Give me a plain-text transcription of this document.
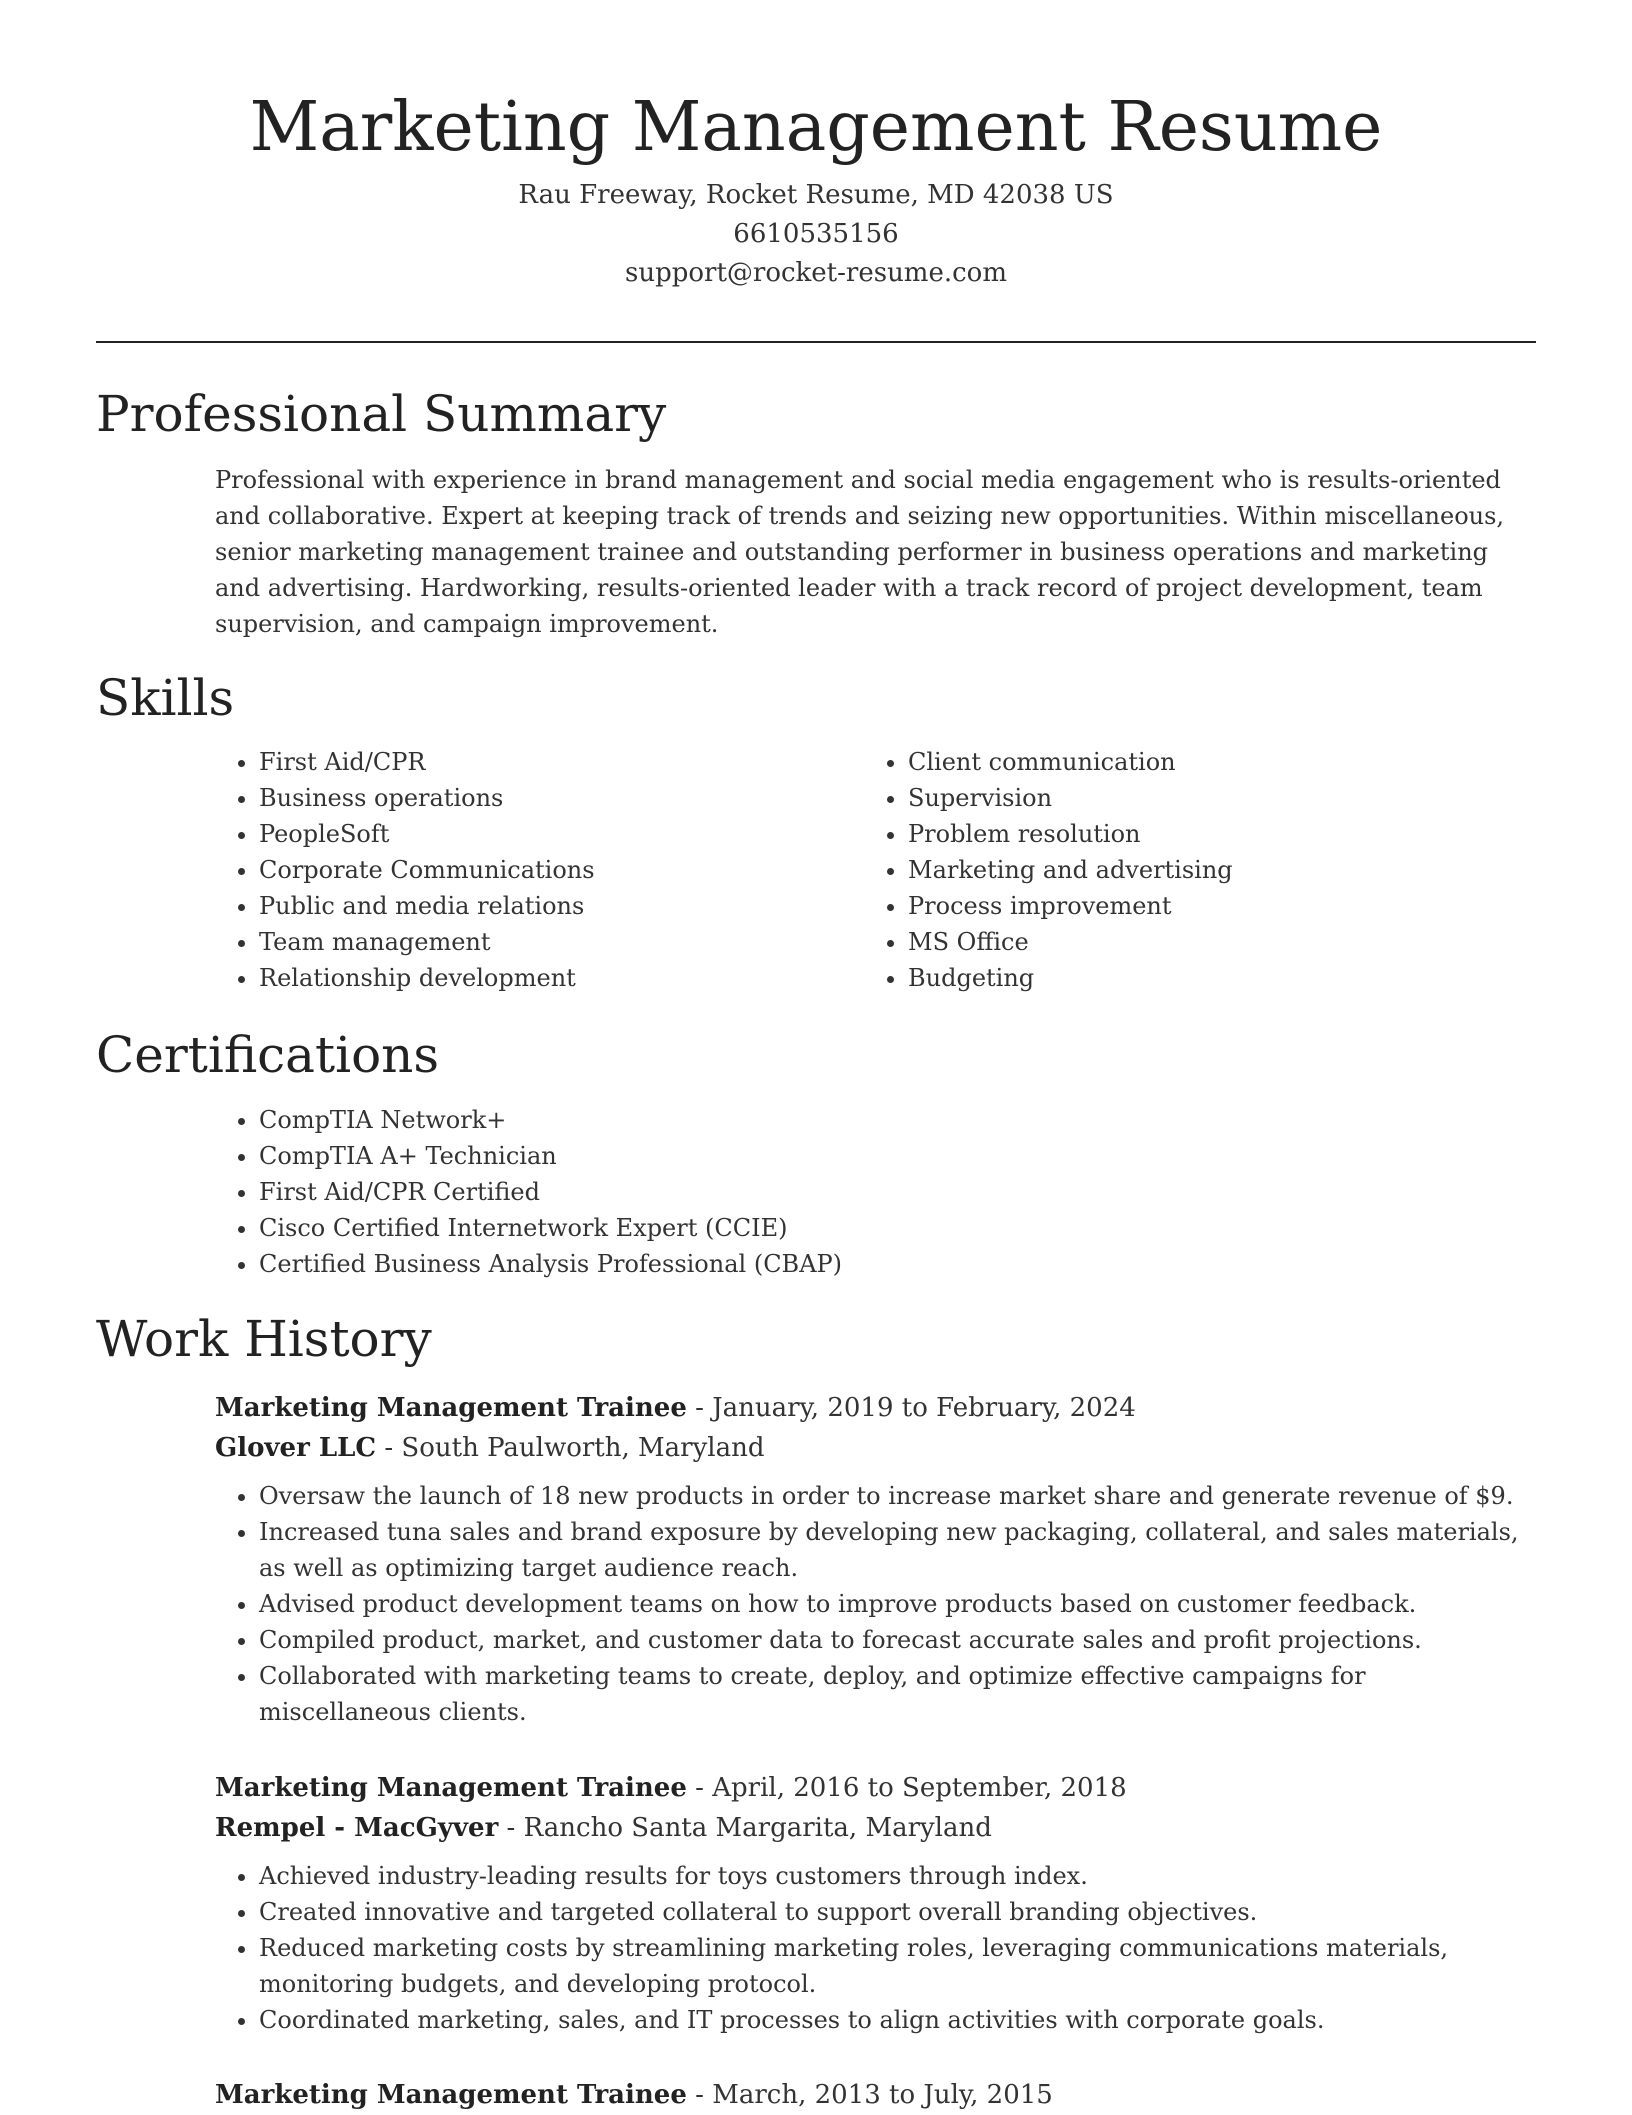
Marketing Management Resume
Rau Freeway, Rocket Resume, MD 42038 US
6610535156
support@rocket-resume.com
Professional Summary

Professional with experience in brand management and social media engagement who is results-oriented and collaborative. Expert at keeping track of trends and seizing new opportunities. Within miscellaneous, senior marketing management trainee and outstanding performer in business operations and marketing and advertising. Hardworking, results-oriented leader with a track record of project development, team supervision, and campaign improvement.

Skills
• First Aid/CPR
• Business operations
• PeopleSoft
• Corporate Communications
• Public and media relations
• Team management
• Relationship development
• Client communication
• Supervision
• Problem resolution
• Marketing and advertising
• Process improvement
• MS Office
• Budgeting
Certifications
• CompTIA Network+
• CompTIA A+ Technician
• First Aid/CPR Certified
• Cisco Certified Internetwork Expert (CCIE)
• Certified Business Analysis Professional (CBAP)
Work History
Marketing Management Trainee - January, 2019 to February, 2024
Glover LLC - South Paulworth, Maryland
• Oversaw the launch of 18 new products in order to increase market share and generate revenue of $9.
• Increased tuna sales and brand exposure by developing new packaging, collateral, and sales materials, as well as optimizing target audience reach.
• Advised product development teams on how to improve products based on customer feedback.
• Compiled product, market, and customer data to forecast accurate sales and profit projections.
• Collaborated with marketing teams to create, deploy, and optimize effective campaigns for miscellaneous clients.
Marketing Management Trainee - April, 2016 to September, 2018
Rempel - MacGyver - Rancho Santa Margarita, Maryland
• Achieved industry-leading results for toys customers through index.
• Created innovative and targeted collateral to support overall branding objectives.
• Reduced marketing costs by streamlining marketing roles, leveraging communications materials, monitoring budgets, and developing protocol.
• Coordinated marketing, sales, and IT processes to align activities with corporate goals.
Marketing Management Trainee - March, 2013 to July, 2015
